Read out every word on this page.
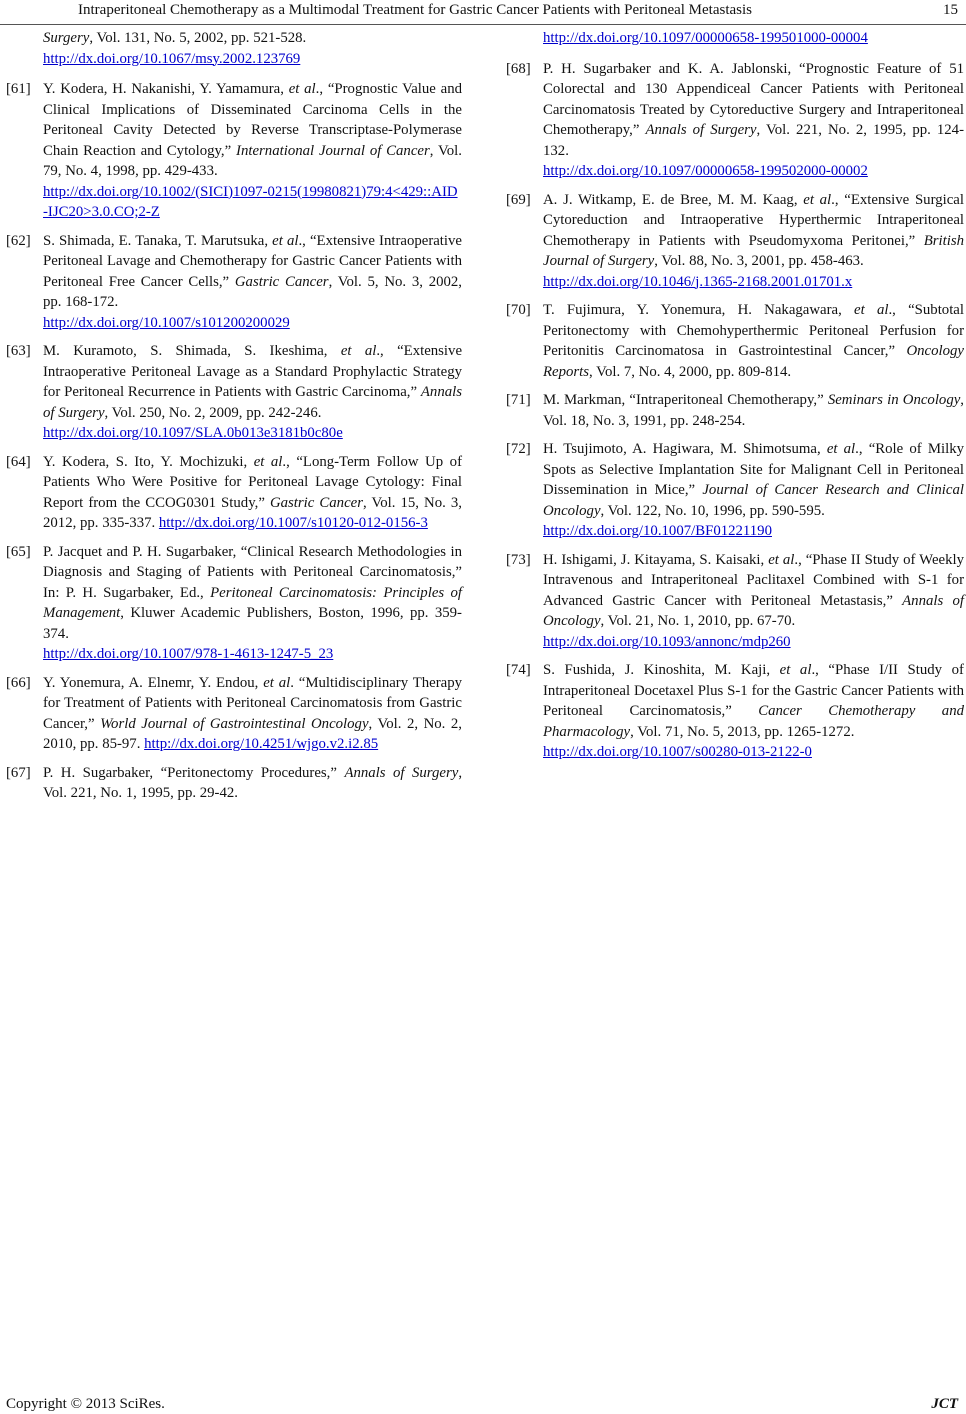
Intraperitoneal Chemotherapy as a Multimodal Treatment for Gastric Cancer Patients with Peritoneal Metastasis	15

Surgery, Vol. 131, No. 5, 2002, pp. 521-528.
http://dx.doi.org/10.1067/msy.2002.123769

[61] Y. Kodera, H. Nakanishi, Y. Yamamura, et al., “Prognostic Value and Clinical Implications of Disseminated Carcinoma Cells in the Peritoneal Cavity Detected by Reverse Transcriptase-Polymerase Chain Reaction and Cytology,” International Journal of Cancer, Vol. 79, No. 4, 1998, pp. 429-433.
http://dx.doi.org/10.1002/(SICI)1097-0215(19980821)79:4<429::AID-IJC20>3.0.CO;2-Z

[62] S. Shimada, E. Tanaka, T. Marutsuka, et al., “Extensive Intraoperative Peritoneal Lavage and Chemotherapy for Gastric Cancer Patients with Peritoneal Free Cancer Cells,” Gastric Cancer, Vol. 5, No. 3, 2002, pp. 168-172.
http://dx.doi.org/10.1007/s101200200029

[63] M. Kuramoto, S. Shimada, S. Ikeshima, et al., “Extensive Intraoperative Peritoneal Lavage as a Standard Prophylactic Strategy for Peritoneal Recurrence in Patients with Gastric Carcinoma,” Annals of Surgery, Vol. 250, No. 2, 2009, pp. 242-246.
http://dx.doi.org/10.1097/SLA.0b013e3181b0c80e

[64] Y. Kodera, S. Ito, Y. Mochizuki, et al., “Long-Term Follow Up of Patients Who Were Positive for Peritoneal Lavage Cytology: Final Report from the CCOG0301 Study,” Gastric Cancer, Vol. 15, No. 3, 2012, pp. 335-337. http://dx.doi.org/10.1007/s10120-012-0156-3

[65] P. Jacquet and P. H. Sugarbaker, “Clinical Research Methodologies in Diagnosis and Staging of Patients with Peritoneal Carcinomatosis,” In: P. H. Sugarbaker, Ed., Peritoneal Carcinomatosis: Principles of Management, Kluwer Academic Publishers, Boston, 1996, pp. 359-374.
http://dx.doi.org/10.1007/978-1-4613-1247-5_23

[66] Y. Yonemura, A. Elnemr, Y. Endou, et al. “Multidisciplinary Therapy for Treatment of Patients with Peritoneal Carcinomatosis from Gastric Cancer,” World Journal of Gastrointestinal Oncology, Vol. 2, No. 2, 2010, pp. 85-97. http://dx.doi.org/10.4251/wjgo.v2.i2.85

[67] P. H. Sugarbaker, “Peritonectomy Procedures,” Annals of Surgery, Vol. 221, No. 1, 1995, pp. 29-42.

http://dx.doi.org/10.1097/00000658-199501000-00004

[68] P. H. Sugarbaker and K. A. Jablonski, “Prognostic Feature of 51 Colorectal and 130 Appendiceal Cancer Patients with Peritoneal Carcinomatosis Treated by Cytoreductive Surgery and Intraperitoneal Chemotherapy,” Annals of Surgery, Vol. 221, No. 2, 1995, pp. 124-132.
http://dx.doi.org/10.1097/00000658-199502000-00002

[69] A. J. Witkamp, E. de Bree, M. M. Kaag, et al., “Extensive Surgical Cytoreduction and Intraoperative Hyperthermic Intraperitoneal Chemotherapy in Patients with Pseudomyxoma Peritonei,” British Journal of Surgery, Vol. 88, No. 3, 2001, pp. 458-463.
http://dx.doi.org/10.1046/j.1365-2168.2001.01701.x

[70] T. Fujimura, Y. Yonemura, H. Nakagawara, et al., “Subtotal Peritonectomy with Chemohyperthermic Peritoneal Perfusion for Peritonitis Carcinomatosa in Gastrointestinal Cancer,” Oncology Reports, Vol. 7, No. 4, 2000, pp. 809-814.

[71] M. Markman, “Intraperitoneal Chemotherapy,” Seminars in Oncology, Vol. 18, No. 3, 1991, pp. 248-254.

[72] H. Tsujimoto, A. Hagiwara, M. Shimotsuma, et al., “Role of Milky Spots as Selective Implantation Site for Malignant Cell in Peritoneal Dissemination in Mice,” Journal of Cancer Research and Clinical Oncology, Vol. 122, No. 10, 1996, pp. 590-595.
http://dx.doi.org/10.1007/BF01221190

[73] H. Ishigami, J. Kitayama, S. Kaisaki, et al., “Phase II Study of Weekly Intravenous and Intraperitoneal Paclitaxel Combined with S-1 for Advanced Gastric Cancer with Peritoneal Metastasis,” Annals of Oncology, Vol. 21, No. 1, 2010, pp. 67-70.
http://dx.doi.org/10.1093/annonc/mdp260

[74] S. Fushida, J. Kinoshita, M. Kaji, et al., “Phase I/II Study of Intraperitoneal Docetaxel Plus S-1 for the Gastric Cancer Patients with Peritoneal Carcinomatosis,” Cancer Chemotherapy and Pharmacology, Vol. 71, No. 5, 2013, pp. 1265-1272.
http://dx.doi.org/10.1007/s00280-013-2122-0

Copyright © 2013 SciRes.	JCT
